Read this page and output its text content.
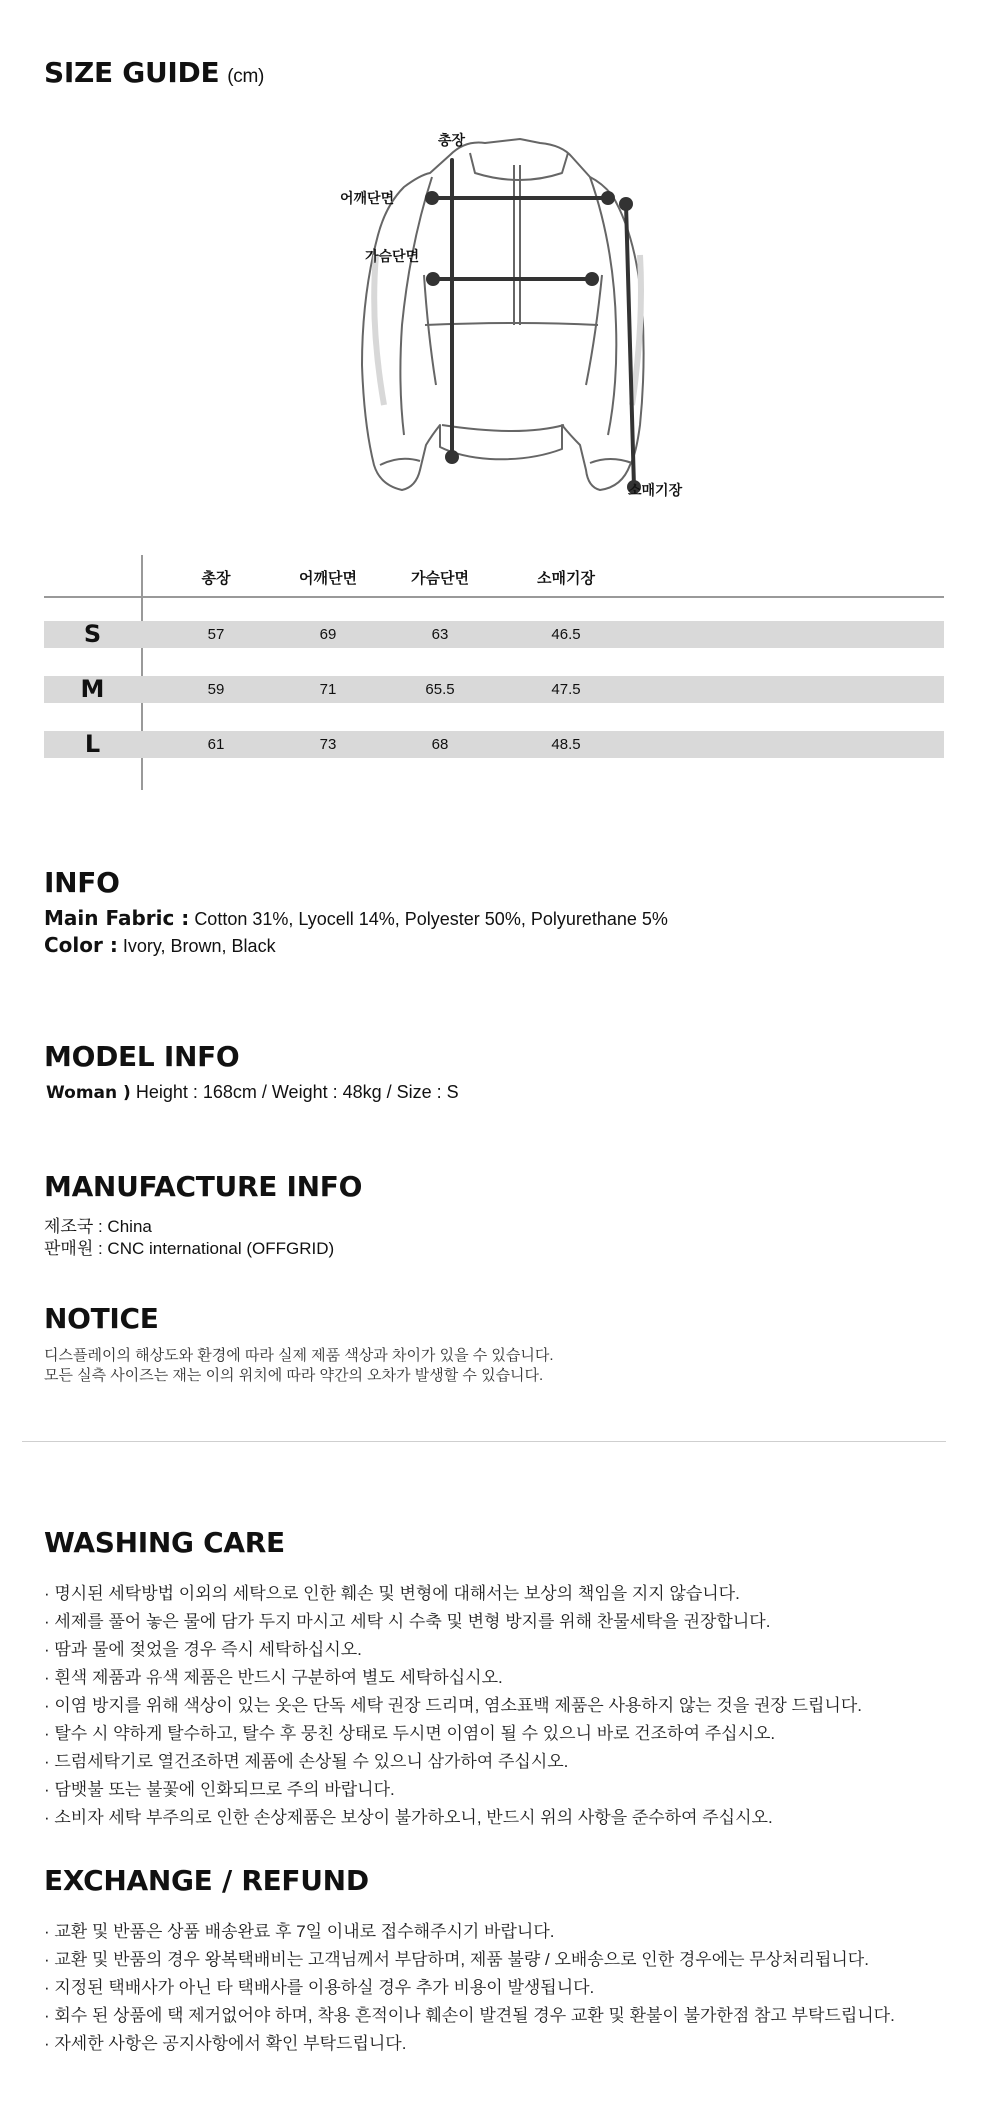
SIZE GUIDE (cm)
총장
어깨단면
가슴단면
소매기장
총장	어깨단면	가슴단면	소매기장
S	57	69	63	46.5
M	59	71	65.5	47.5
L	61	73	68	48.5
INFO
Main Fabric : Cotton 31%, Lyocell 14%, Polyester 50%, Polyurethane 5%
Color : Ivory, Brown, Black
MODEL INFO
Woman ) Height : 168cm / Weight : 48kg / Size : S
MANUFACTURE INFO
제조국 : China
판매원 : CNC international (OFFGRID)
NOTICE
디스플레이의 해상도와 환경에 따라 실제 제품 색상과 차이가 있을 수 있습니다.
모든 실측 사이즈는 재는 이의 위치에 따라 약간의 오차가 발생할 수 있습니다.
WASHING CARE
· 명시된 세탁방법 이외의 세탁으로 인한 훼손 및 변형에 대해서는 보상의 책임을 지지 않습니다.
· 세제를 풀어 놓은 물에 담가 두지 마시고 세탁 시 수축 및 변형 방지를 위해 찬물세탁을 권장합니다.
· 땀과 물에 젖었을 경우 즉시 세탁하십시오.
· 흰색 제품과 유색 제품은 반드시 구분하여 별도 세탁하십시오.
· 이염 방지를 위해 색상이 있는 옷은 단독 세탁 권장 드리며, 염소표백 제품은 사용하지 않는 것을 권장 드립니다.
· 탈수 시 약하게 탈수하고, 탈수 후 뭉친 상태로 두시면 이염이 될 수 있으니 바로 건조하여 주십시오.
· 드럼세탁기로 열건조하면 제품에 손상될 수 있으니 삼가하여 주십시오.
· 담뱃불 또는 불꽃에 인화되므로 주의 바랍니다.
· 소비자 세탁 부주의로 인한 손상제품은 보상이 불가하오니, 반드시 위의 사항을 준수하여 주십시오.
EXCHANGE / REFUND
· 교환 및 반품은 상품 배송완료 후 7일 이내로 접수해주시기 바랍니다.
· 교환 및 반품의 경우 왕복택배비는 고객님께서 부담하며, 제품 불량 / 오배송으로 인한 경우에는 무상처리됩니다.
· 지정된 택배사가 아닌 타 택배사를 이용하실 경우 추가 비용이 발생됩니다.
· 회수 된 상품에 택 제거없어야 하며, 착용 흔적이나 훼손이 발견될 경우 교환 및 환불이 불가한점 참고 부탁드립니다.
· 자세한 사항은 공지사항에서 확인 부탁드립니다.
